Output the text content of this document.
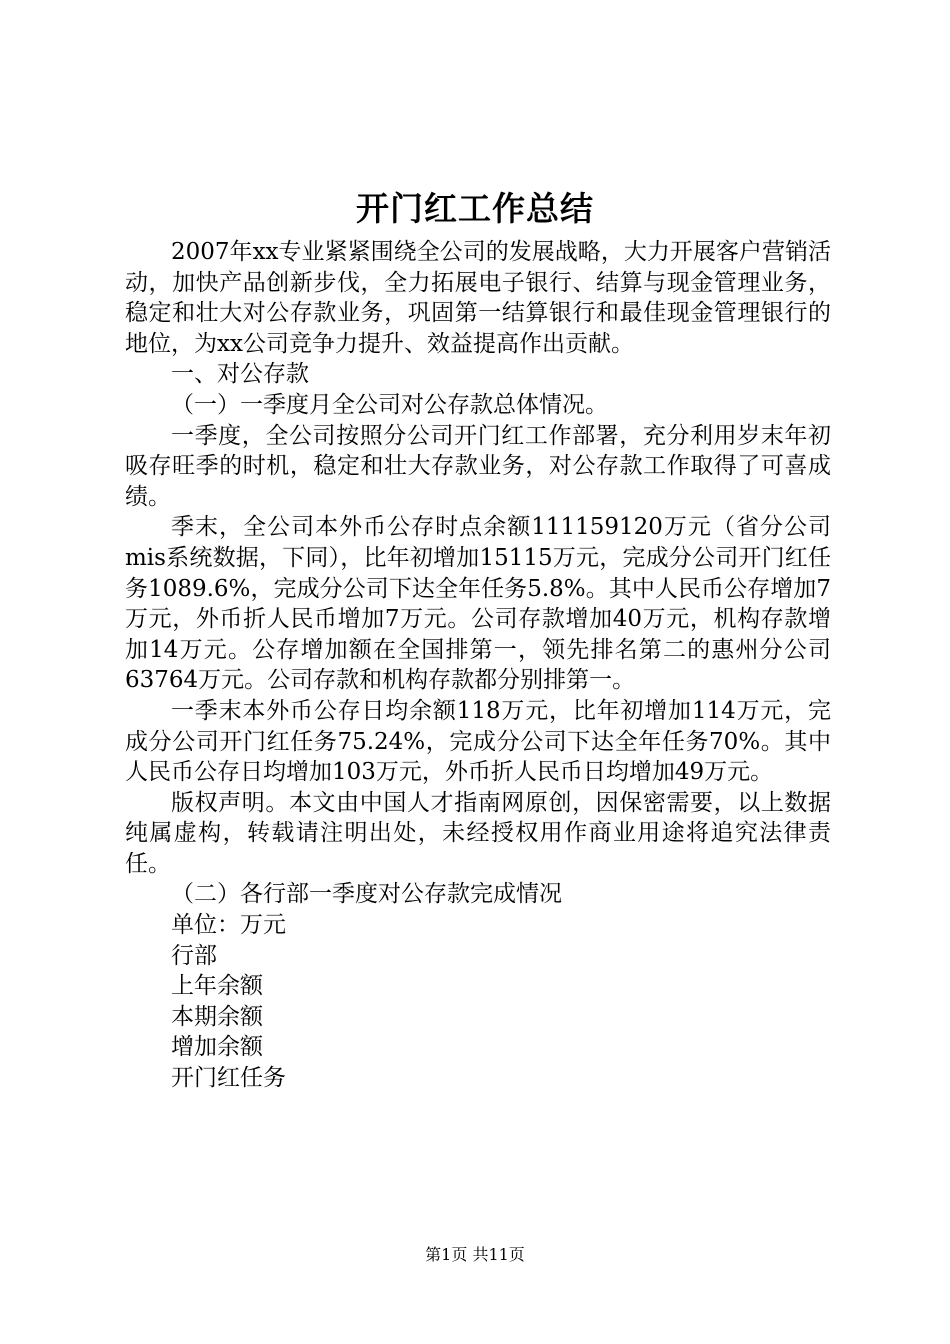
开门红工作总结

2007年xx专业紧紧围绕全公司的发展战略，大力开展客户营销活动，加快产品创新步伐，全力拓展电子银行、结算与现金管理业务，稳定和壮大对公存款业务，巩固第一结算银行和最佳现金管理银行的地位，为xx公司竞争力提升、效益提高作出贡献。

一、对公存款

（一）一季度月全公司对公存款总体情况。

一季度，全公司按照分公司开门红工作部署，充分利用岁末年初吸存旺季的时机，稳定和壮大存款业务，对公存款工作取得了可喜成绩。

季末，全公司本外币公存时点余额111159120万元（省分公司mis系统数据，下同），比年初增加15115万元，完成分公司开门红任务1089.6%，完成分公司下达全年任务5.8%。其中人民币公存增加7万元，外币折人民币增加7万元。公司存款增加40万元，机构存款增加14万元。公存增加额在全国排第一，领先排名第二的惠州分公司63764万元。公司存款和机构存款都分别排第一。

一季末本外币公存日均余额118万元，比年初增加114万元，完成分公司开门红任务75.24%，完成分公司下达全年任务70%。其中人民币公存日均增加103万元，外币折人民币日均增加49万元。

版权声明。本文由中国人才指南网原创，因保密需要，以上数据纯属虚构，转载请注明出处，未经授权用作商业用途将追究法律责任。

（二）各行部一季度对公存款完成情况

单位：万元

行部

上年余额

本期余额

增加余额

开门红任务

第1页 共11页
